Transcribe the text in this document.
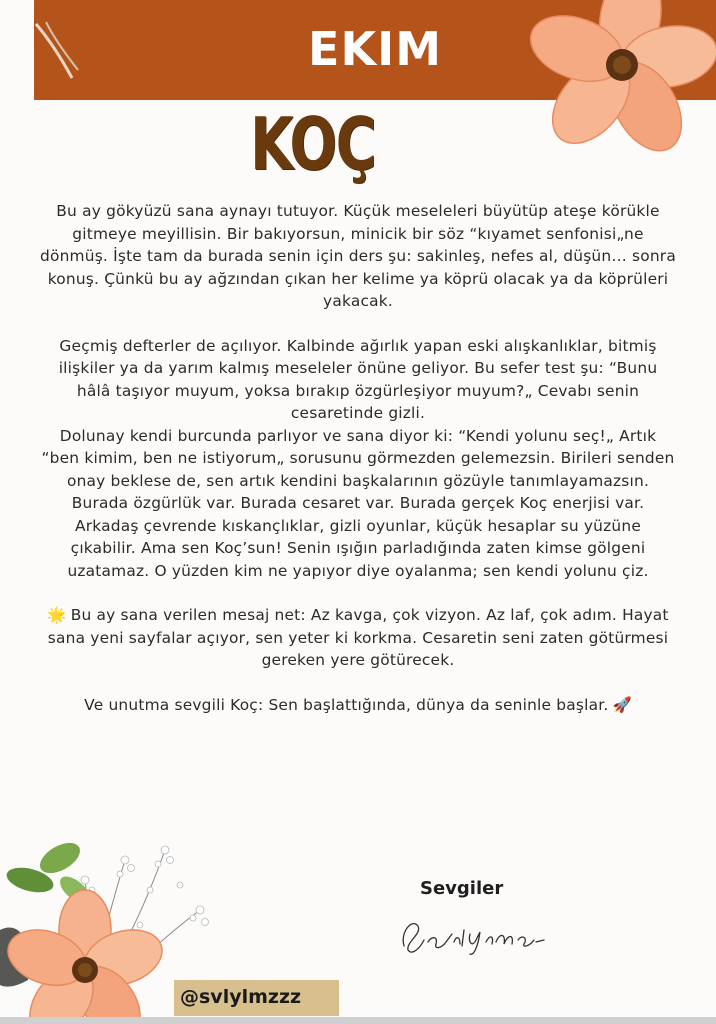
EKIM
KOÇ

Bu ay gökyüzü sana aynayı tutuyor. Küçük meseleleri büyütüp ateşe körükle gitmeye meyillisin. Bir bakıyorsun, minicik bir söz “kıyamet senfonisi„ne dönmüş. İşte tam da burada senin için ders şu: sakinleş, nefes al, düşün… sonra konuş. Çünkü bu ay ağzından çıkan her kelime ya köprü olacak ya da köprüleri yakacak.

Geçmiş defterler de açılıyor. Kalbinde ağırlık yapan eski alışkanlıklar, bitmiş ilişkiler ya da yarım kalmış meseleler önüne geliyor. Bu sefer test şu: “Bunu hâlâ taşıyor muyum, yoksa bırakıp özgürleşiyor muyum?„ Cevabı senin cesaretinde gizli.

Dolunay kendi burcunda parlıyor ve sana diyor ki: “Kendi yolunu seç!„ Artık “ben kimim, ben ne istiyorum„ sorusunu görmezden gelemezsin. Birileri senden onay beklese de, sen artık kendini başkalarının gözüyle tanımlayamazsın. Burada özgürlük var. Burada cesaret var. Burada gerçek Koç enerjisi var.

Arkadaş çevrende kıskançlıklar, gizli oyunlar, küçük hesaplar su yüzüne çıkabilir. Ama sen Koç’sun! Senin ışığın parladığında zaten kimse gölgeni uzatamaz. O yüzden kim ne yapıyor diye oyalanma; sen kendi yolunu çiz.

🌟 Bu ay sana verilen mesaj net: Az kavga, çok vizyon. Az laf, çok adım. Hayat sana yeni sayfalar açıyor, sen yeter ki korkma. Cesaretin seni zaten götürmesi gereken yere götürecek.

Ve unutma sevgili Koç: Sen başlattığında, dünya da seninle başlar. 🚀

Sevgiler
@svlylmzzz
